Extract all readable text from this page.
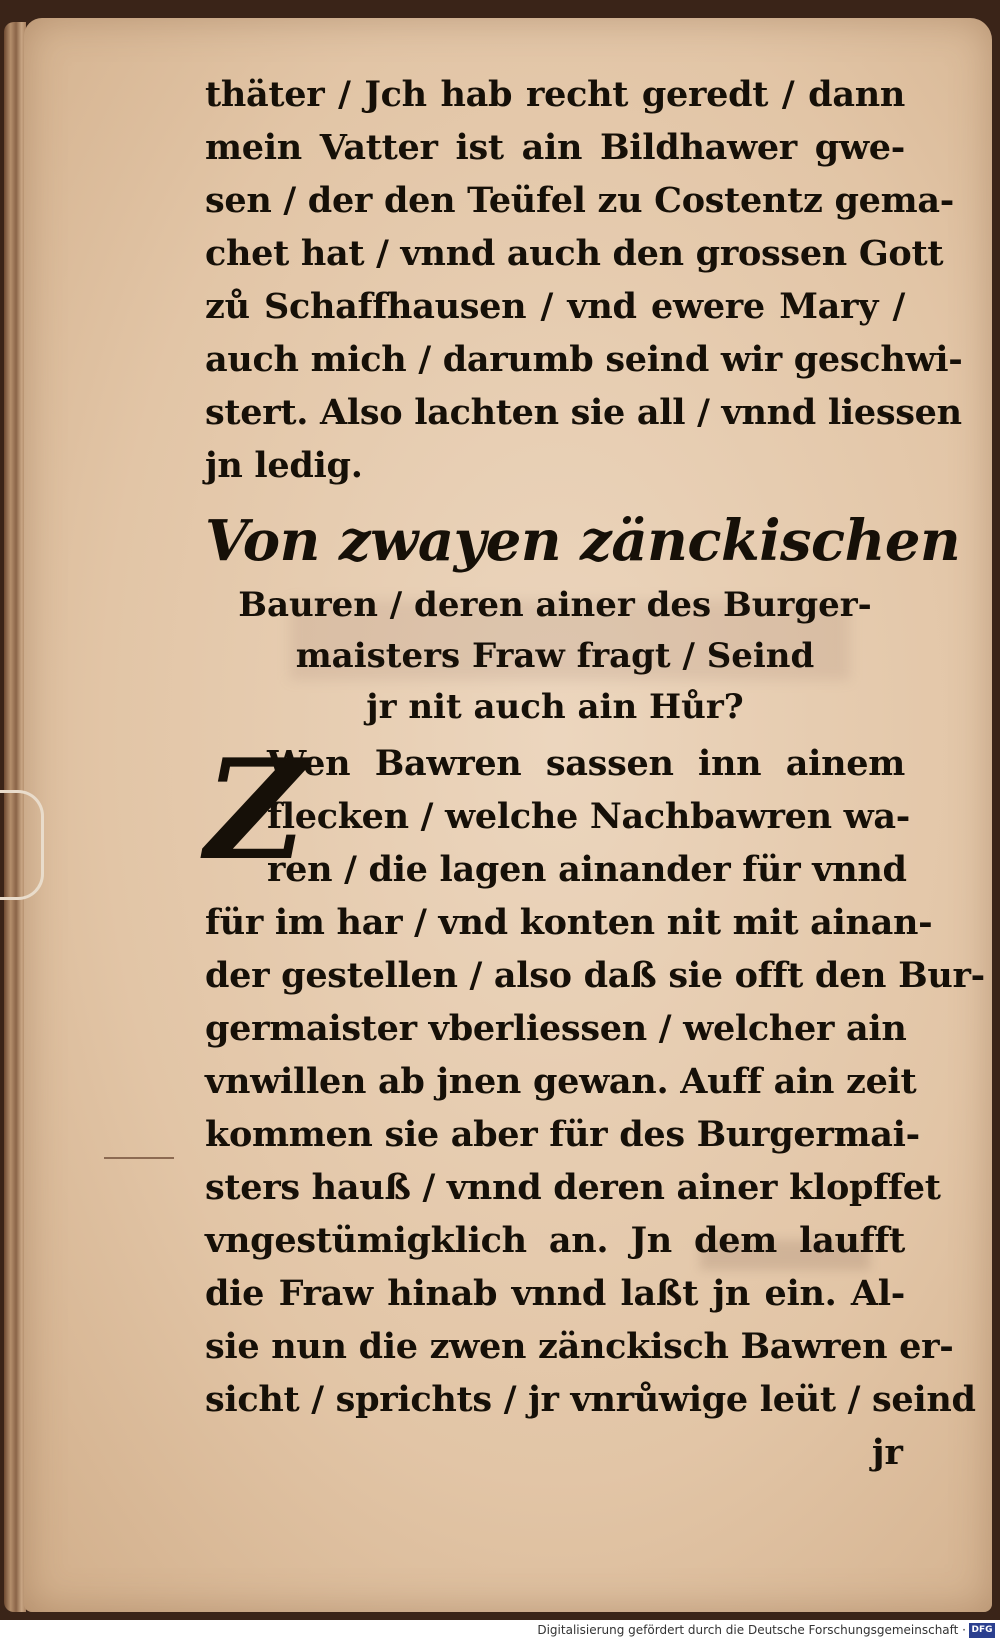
thäter / Jch hab recht geredt / dann
mein Vatter ist ain Bildhawer gwe-
sen / der den Teüfel zu Costentz gema-
chet hat / vnnd auch den grossen Gott
zů Schaffhausen / vnd ewere Mary /
auch mich / darumb seind wir geschwi-
stert. Also lachten sie all / vnnd liessen
jn ledig.
Von zwayen zänckischen
Bauren / deren ainer des Burger-
maisters Fraw fragt / Seind
jr nit auch ain Hůr?
Z
Wen Bawren sassen inn ainem
flecken / welche Nachbawren wa-
ren / die lagen ainander für vnnd
für im har / vnd konten nit mit ainan-
der gestellen / also daß sie offt den Bur-
germaister vberliessen / welcher ain
vnwillen ab jnen gewan. Auff ain zeit
kommen sie aber für des Burgermai-
sters hauß / vnnd deren ainer klopffet
vngestümigklich an. Jn dem laufft
die Fraw hinab vnnd laßt jn ein. Al-
sie nun die zwen zänckisch Bawren er-
sicht / sprichts / jr vnrůwige leüt / seind
jr
Digitalisierung gefördert durch die Deutsche Forschungsgemeinschaft · DFG
